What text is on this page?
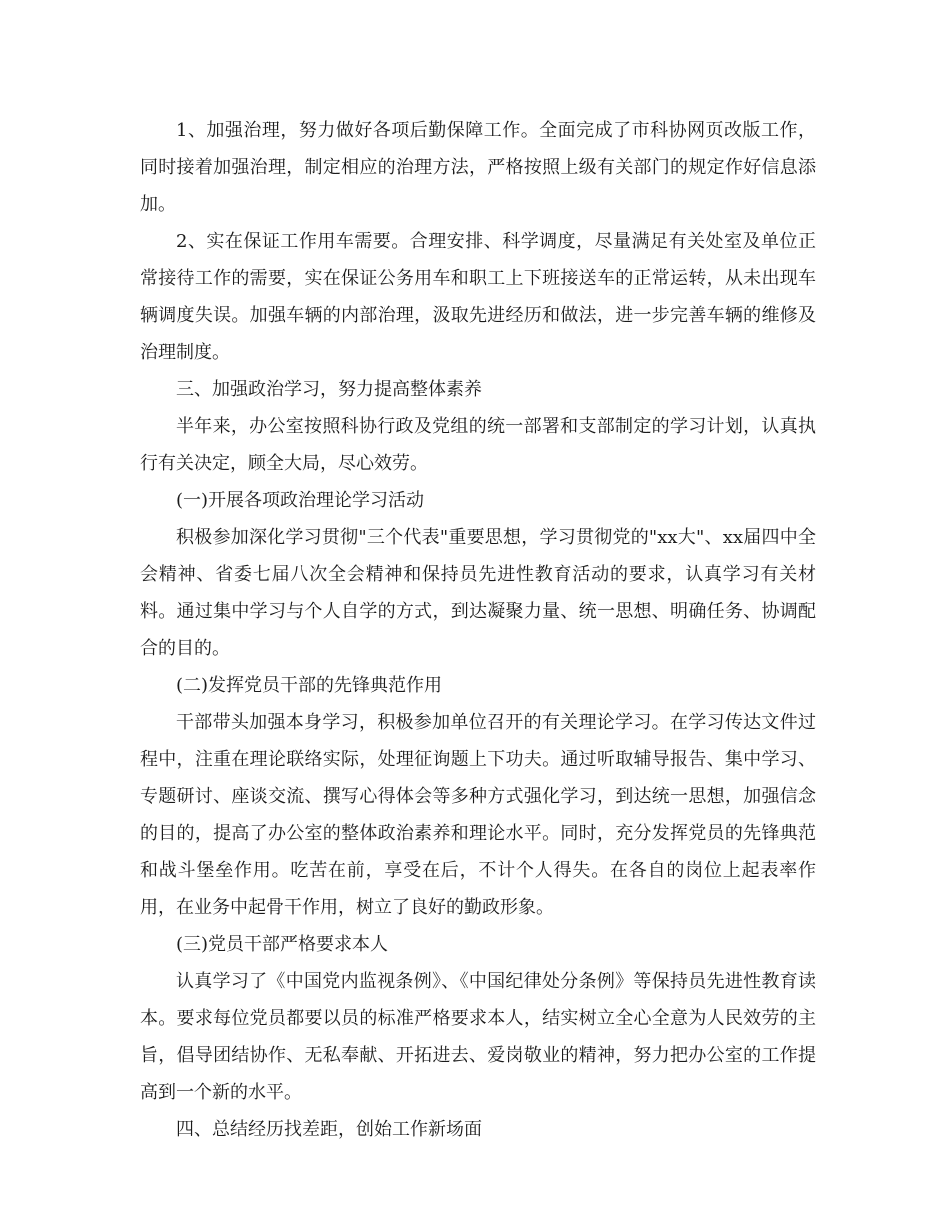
1、加强治理，努力做好各项后勤保障工作。全面完成了市科协网页改版工作，同时接着加强治理，制定相应的治理方法，严格按照上级有关部门的规定作好信息添加。

2、实在保证工作用车需要。合理安排、科学调度，尽量满足有关处室及单位正常接待工作的需要，实在保证公务用车和职工上下班接送车的正常运转，从未出现车辆调度失误。加强车辆的内部治理，汲取先进经历和做法，进一步完善车辆的维修及治理制度。

三、加强政治学习，努力提高整体素养

半年来，办公室按照科协行政及党组的统一部署和支部制定的学习计划，认真执行有关决定，顾全大局，尽心效劳。

(一)开展各项政治理论学习活动

积极参加深化学习贯彻"三个代表"重要思想，学习贯彻党的"xx大"、xx届四中全会精神、省委七届八次全会精神和保持员先进性教育活动的要求，认真学习有关材料。通过集中学习与个人自学的方式，到达凝聚力量、统一思想、明确任务、协调配合的目的。

(二)发挥党员干部的先锋典范作用

干部带头加强本身学习，积极参加单位召开的有关理论学习。在学习传达文件过程中，注重在理论联络实际，处理征询题上下功夫。通过听取辅导报告、集中学习、专题研讨、座谈交流、撰写心得体会等多种方式强化学习，到达统一思想，加强信念的目的，提高了办公室的整体政治素养和理论水平。同时，充分发挥党员的先锋典范和战斗堡垒作用。吃苦在前，享受在后，不计个人得失。在各自的岗位上起表率作用，在业务中起骨干作用，树立了良好的勤政形象。

(三)党员干部严格要求本人

认真学习了《中国党内监视条例》、《中国纪律处分条例》等保持员先进性教育读本。要求每位党员都要以员的标准严格要求本人，结实树立全心全意为人民效劳的主旨，倡导团结协作、无私奉献、开拓进去、爱岗敬业的精神，努力把办公室的工作提高到一个新的水平。

四、总结经历找差距，创始工作新场面
